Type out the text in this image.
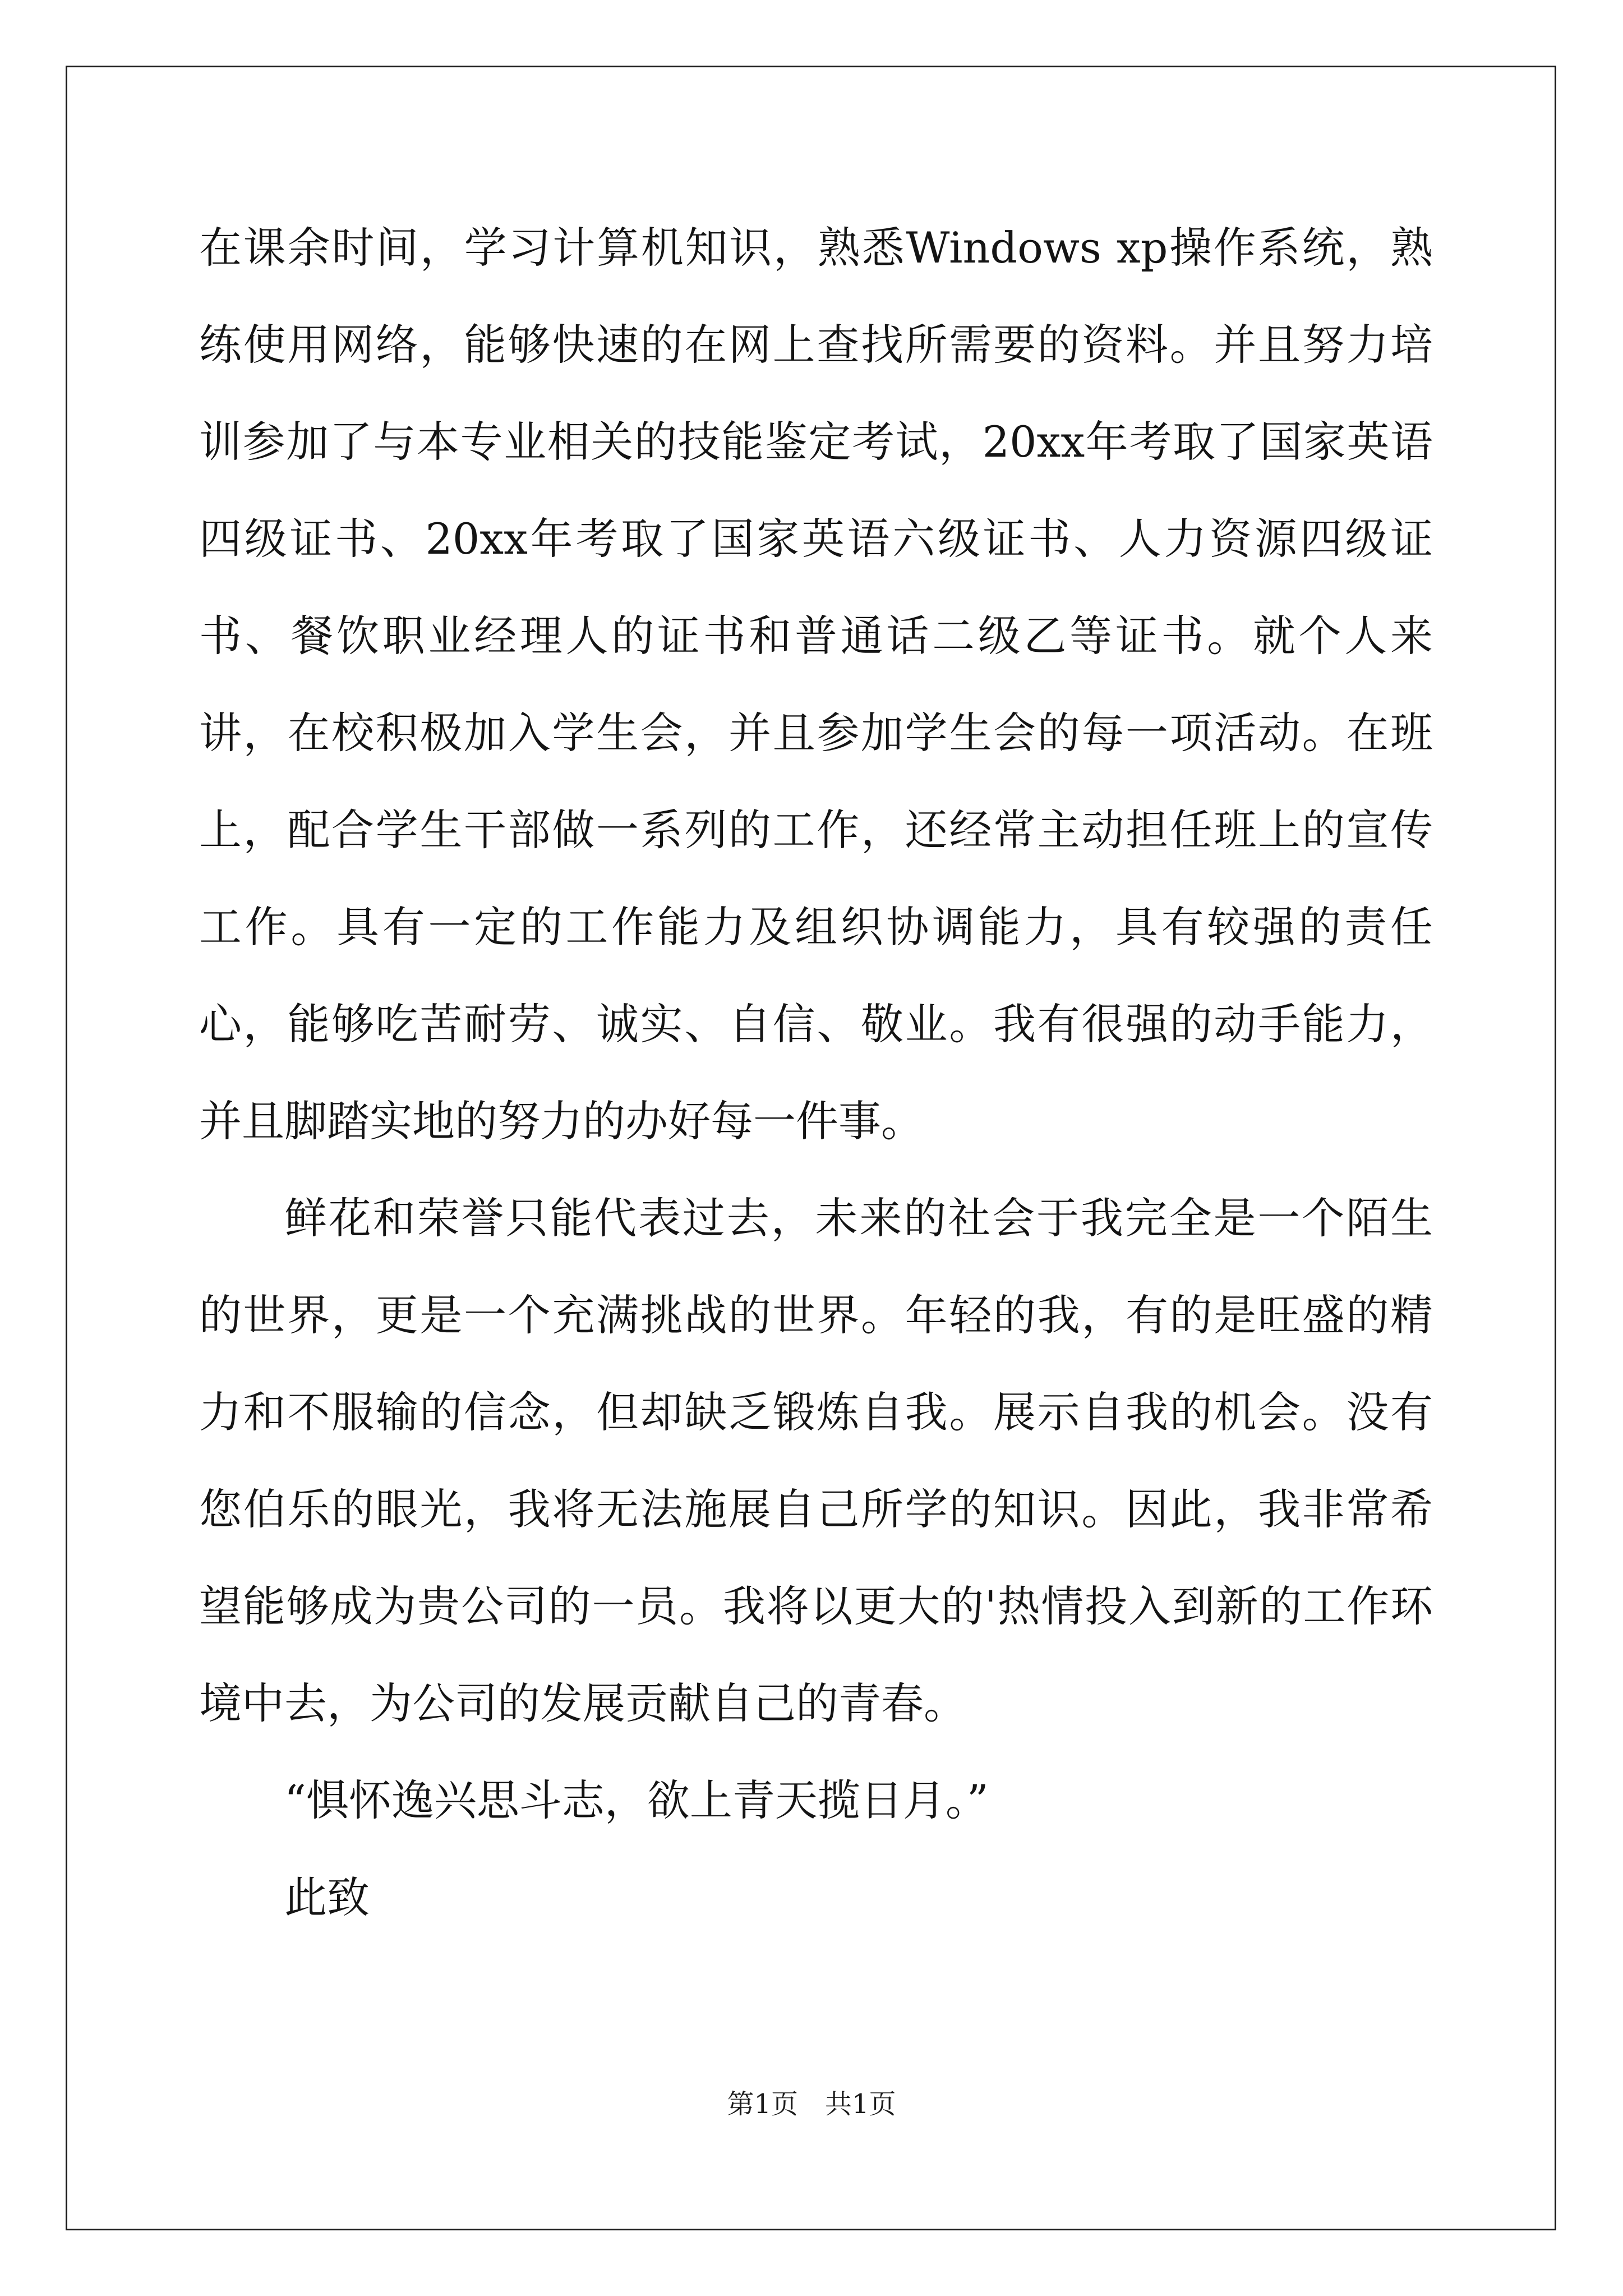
在课余时间，学习计算机知识，熟悉Windows xp操作系统，熟练使用网络，能够快速的在网上查找所需要的资料。并且努力培训参加了与本专业相关的技能鉴定考试，20xx年考取了国家英语四级证书、20xx年考取了国家英语六级证书、人力资源四级证书、餐饮职业经理人的证书和普通话二级乙等证书。就个人来讲，在校积极加入学生会，并且参加学生会的每一项活动。在班上，配合学生干部做一系列的工作，还经常主动担任班上的宣传工作。具有一定的工作能力及组织协调能力，具有较强的责任心，能够吃苦耐劳、诚实、自信、敬业。我有很强的动手能力，并且脚踏实地的努力的办好每一件事。

鲜花和荣誉只能代表过去，未来的社会于我完全是一个陌生的世界，更是一个充满挑战的世界。年轻的我，有的是旺盛的精力和不服输的信念，但却缺乏锻炼自我。展示自我的机会。没有您伯乐的眼光，我将无法施展自己所学的知识。因此，我非常希望能够成为贵公司的一员。我将以更大的'热情投入到新的工作环境中去，为公司的发展贡献自己的青春。

“惧怀逸兴思斗志，欲上青天揽日月。”

此致

第1页　共1页
